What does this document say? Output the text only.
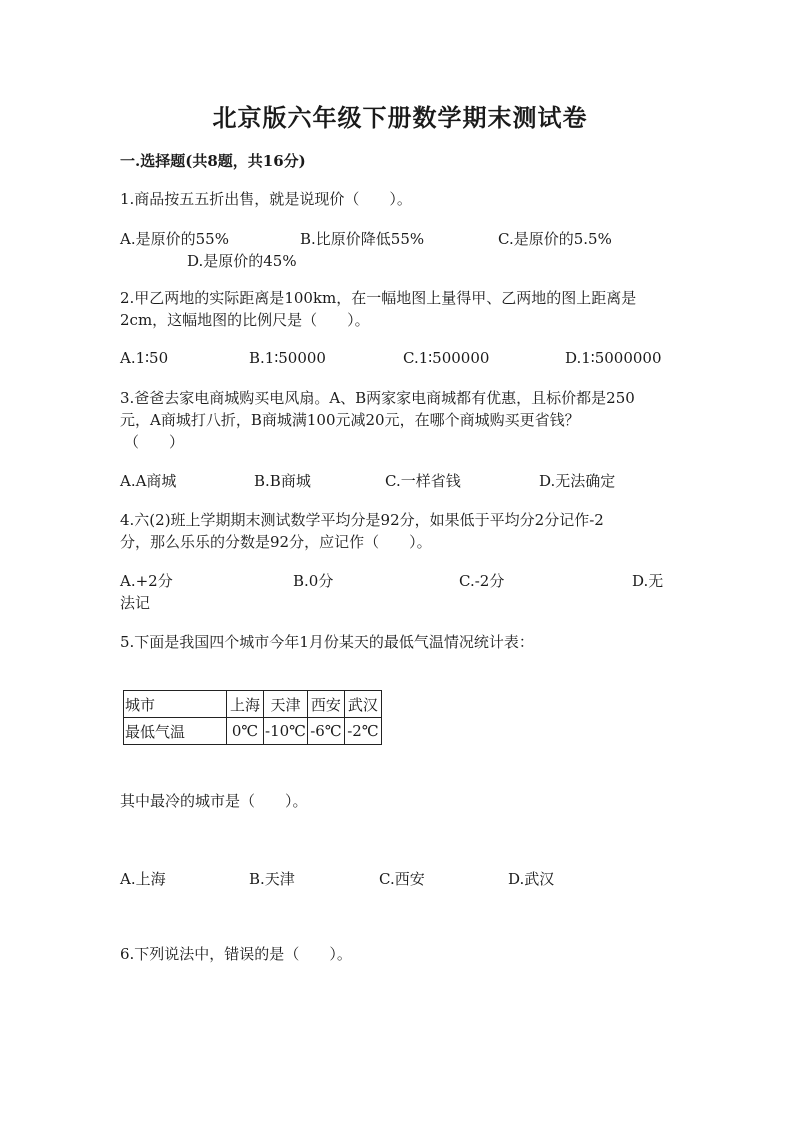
北京版六年级下册数学期末测试卷
一.选择题(共8题，共16分)
1.商品按五五折出售，就是说现价（　　）。
A.是原价的55%	B.比原价降低55%	C.是原价的5.5%
D.是原价的45%
2.甲乙两地的实际距离是100km，在一幅地图上量得甲、乙两地的图上距离是
2cm，这幅地图的比例尺是（　　）。
A.1∶50	B.1∶50000	C.1∶500000	D.1∶5000000
3.爸爸去家电商城购买电风扇。A、B两家家电商城都有优惠，且标价都是250
元，A商城打八折，B商城满100元减20元，在哪个商城购买更省钱？
（　　）
A.A商城	B.B商城	C.一样省钱	D.无法确定
4.六(2)班上学期期末测试数学平均分是92分，如果低于平均分2分记作-2
分，那么乐乐的分数是92分，应记作（　　）。
A.+2分	B.0分	C.-2分	D.无
法记
5.下面是我国四个城市今年1月份某天的最低气温情况统计表：
城市	上海	天津	西安	武汉
最低气温	0℃	-10℃	-6℃	-2℃
其中最冷的城市是（　　）。
A.上海	B.天津	C.西安	D.武汉
6.下列说法中，错误的是（　　）。
